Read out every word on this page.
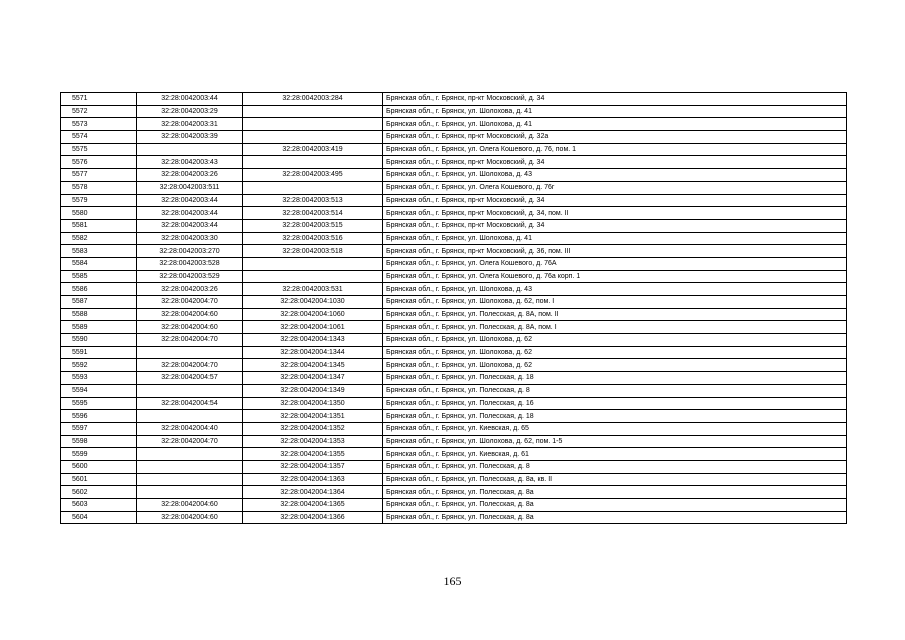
5571	32:28:0042003:44	32:28:0042003:284	Брянская обл., г. Брянск, пр-кт Московский, д. 34
5572	32:28:0042003:29		Брянская обл., г. Брянск, ул. Шолохова, д. 41
5573	32:28:0042003:31		Брянская обл., г. Брянск, ул. Шолохова, д. 41
5574	32:28:0042003:39		Брянская обл., г. Брянск, пр-кт Московский, д. 32а
5575		32:28:0042003:419	Брянская обл., г. Брянск, ул. Олега Кошевого, д. 76, пом. 1
5576	32:28:0042003:43		Брянская обл., г. Брянск, пр-кт Московский, д. 34
5577	32:28:0042003:26	32:28:0042003:495	Брянская обл., г. Брянск, ул. Шолохова, д. 43
5578	32:28:0042003:511		Брянская обл., г. Брянск, ул. Олега Кошевого, д. 76г
5579	32:28:0042003:44	32:28:0042003:513	Брянская обл., г. Брянск, пр-кт Московский, д. 34
5580	32:28:0042003:44	32:28:0042003:514	Брянская обл., г. Брянск, пр-кт Московский, д. 34, пом. II
5581	32:28:0042003:44	32:28:0042003:515	Брянская обл., г. Брянск, пр-кт Московский, д. 34
5582	32:28:0042003:30	32:28:0042003:516	Брянская обл., г. Брянск, ул. Шолохова, д. 41
5583	32:28:0042003:270	32:28:0042003:518	Брянская обл., г. Брянск, пр-кт Московский, д. 36, пом. III
5584	32:28:0042003:528		Брянская обл., г. Брянск, ул. Олега Кошевого, д. 76А
5585	32:28:0042003:529		Брянская обл., г. Брянск, ул. Олега Кошевого, д. 76а корп. 1
5586	32:28:0042003:26	32:28:0042003:531	Брянская обл., г. Брянск, ул. Шолохова, д. 43
5587	32:28:0042004:70	32:28:0042004:1030	Брянская обл., г. Брянск, ул. Шолохова, д. 62, пом. I
5588	32:28:0042004:60	32:28:0042004:1060	Брянская обл., г. Брянск, ул. Полесская, д. 8А, пом. II
5589	32:28:0042004:60	32:28:0042004:1061	Брянская обл., г. Брянск, ул. Полесская, д. 8А, пом. I
5590	32:28:0042004:70	32:28:0042004:1343	Брянская обл., г. Брянск, ул. Шолохова, д. 62
5591		32:28:0042004:1344	Брянская обл., г. Брянск, ул. Шолохова, д. 62
5592	32:28:0042004:70	32:28:0042004:1345	Брянская обл., г. Брянск, ул. Шолохова, д. 62
5593	32:28:0042004:57	32:28:0042004:1347	Брянская обл., г. Брянск, ул. Полесская, д. 18
5594		32:28:0042004:1349	Брянская обл., г. Брянск, ул. Полесская, д. 8
5595	32:28:0042004:54	32:28:0042004:1350	Брянская обл., г. Брянск, ул. Полесская, д. 16
5596		32:28:0042004:1351	Брянская обл., г. Брянск, ул. Полесская, д. 18
5597	32:28:0042004:40	32:28:0042004:1352	Брянская обл., г. Брянск, ул. Киевская, д. 65
5598	32:28:0042004:70	32:28:0042004:1353	Брянская обл., г. Брянск, ул. Шолохова, д. 62, пом. 1-5
5599		32:28:0042004:1355	Брянская обл., г. Брянск, ул. Киевская, д. 61
5600		32:28:0042004:1357	Брянская обл., г. Брянск, ул. Полесская, д. 8
5601		32:28:0042004:1363	Брянская обл., г. Брянск, ул. Полесская, д. 8а, кв. II
5602		32:28:0042004:1364	Брянская обл., г. Брянск, ул. Полесская, д. 8а
5603	32:28:0042004:60	32:28:0042004:1365	Брянская обл., г. Брянск, ул. Полесская, д. 8а
5604	32:28:0042004:60	32:28:0042004:1366	Брянская обл., г. Брянск, ул. Полесская, д. 8а
165
